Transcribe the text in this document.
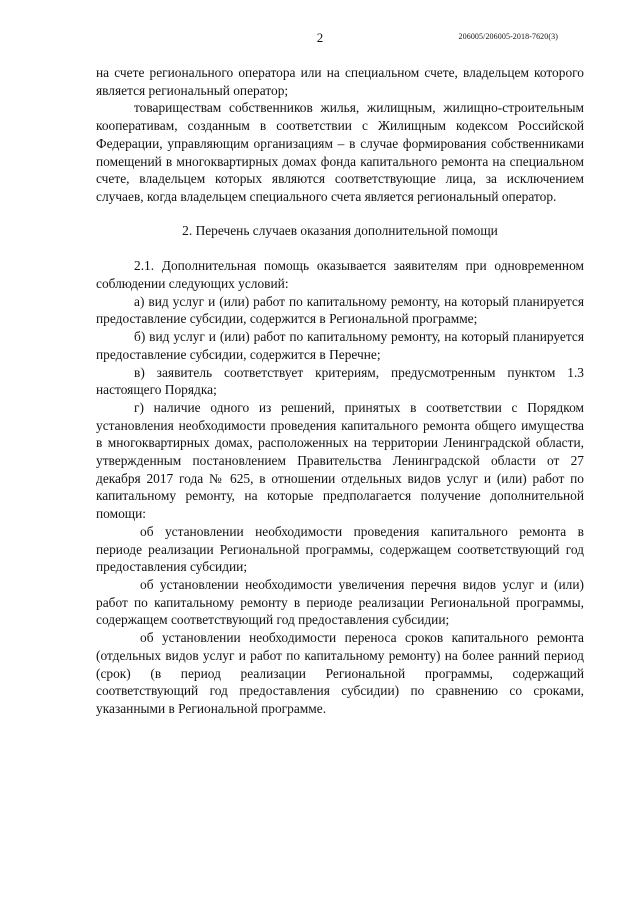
2	206005/206005-2018-7620(3)

на счете регионального оператора или на специальном счете, владельцем которого является региональный оператор;

товариществам собственников жилья, жилищным, жилищно-строительным кооперативам, созданным в соответствии с Жилищным кодексом Российской Федерации, управляющим организациям – в случае формирования собственниками помещений в многоквартирных домах фонда капитального ремонта на специальном счете, владельцем которых являются соответствующие лица, за исключением случаев, когда владельцем специального счета является региональный оператор.

2. Перечень случаев оказания дополнительной помощи

2.1. Дополнительная помощь оказывается заявителям при одновременном соблюдении следующих условий:

а) вид услуг и (или) работ по капитальному ремонту, на который планируется предоставление субсидии, содержится в Региональной программе;

б) вид услуг и (или) работ по капитальному ремонту, на который планируется предоставление субсидии, содержится в Перечне;

в) заявитель соответствует критериям, предусмотренным пунктом 1.3 настоящего Порядка;

г) наличие одного из решений, принятых в соответствии с Порядком установления необходимости проведения капитального ремонта общего имущества в многоквартирных домах, расположенных на территории Ленинградской области, утвержденным постановлением Правительства Ленинградской области от 27 декабря 2017 года № 625, в отношении отдельных видов услуг и (или) работ по капитальному ремонту, на которые предполагается получение дополнительной помощи:

об установлении необходимости проведения капитального ремонта в периоде реализации Региональной программы, содержащем соответствующий год предоставления субсидии;

об установлении необходимости увеличения перечня видов услуг и (или) работ по капитальному ремонту в периоде реализации Региональной программы, содержащем соответствующий год предоставления субсидии;

об установлении необходимости переноса сроков капитального ремонта (отдельных видов услуг и работ по капитальному ремонту) на более ранний период (срок) (в период реализации Региональной программы, содержащий соответствующий год предоставления субсидии) по сравнению со сроками, указанными в Региональной программе.
